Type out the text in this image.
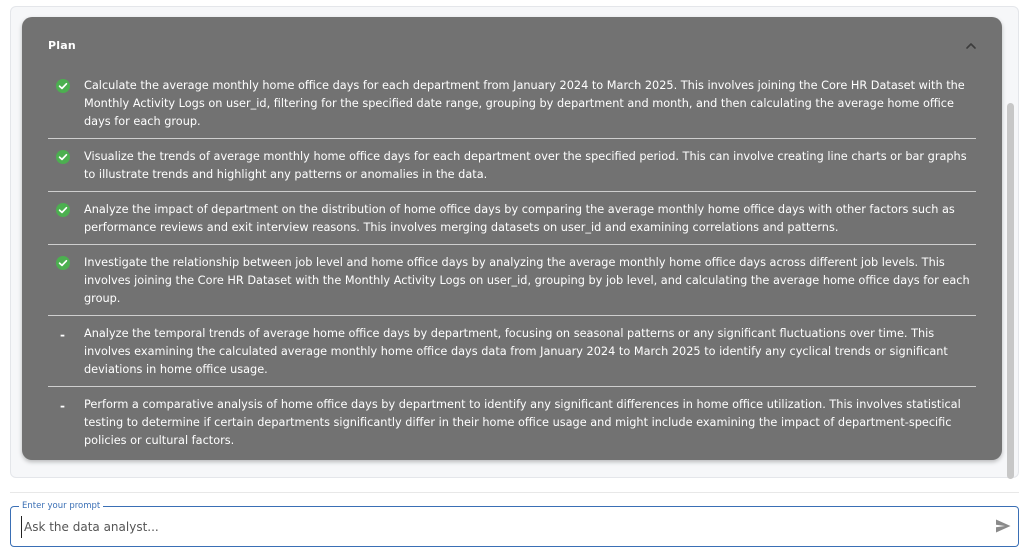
Plan
Calculate the average monthly home office days for each department from January 2024 to March 2025. This involves joining the Core HR Dataset with the Monthly Activity Logs on user_id, filtering for the specified date range, grouping by department and month, and then calculating the average home office days for each group.
Visualize the trends of average monthly home office days for each department over the specified period. This can involve creating line charts or bar graphs to illustrate trends and highlight any patterns or anomalies in the data.
Analyze the impact of department on the distribution of home office days by comparing the average monthly home office days with other factors such as performance reviews and exit interview reasons. This involves merging datasets on user_id and examining correlations and patterns.
Investigate the relationship between job level and home office days by analyzing the average monthly home office days across different job levels. This involves joining the Core HR Dataset with the Monthly Activity Logs on user_id, grouping by job level, and calculating the average home office days for each group.
- Analyze the temporal trends of average home office days by department, focusing on seasonal patterns or any significant fluctuations over time. This involves examining the calculated average monthly home office days data from January 2024 to March 2025 to identify any cyclical trends or significant deviations in home office usage.
- Perform a comparative analysis of home office days by department to identify any significant differences in home office utilization. This involves statistical testing to determine if certain departments significantly differ in their home office usage and might include examining the impact of department-specific policies or cultural factors.
Enter your prompt
Ask the data analyst...
